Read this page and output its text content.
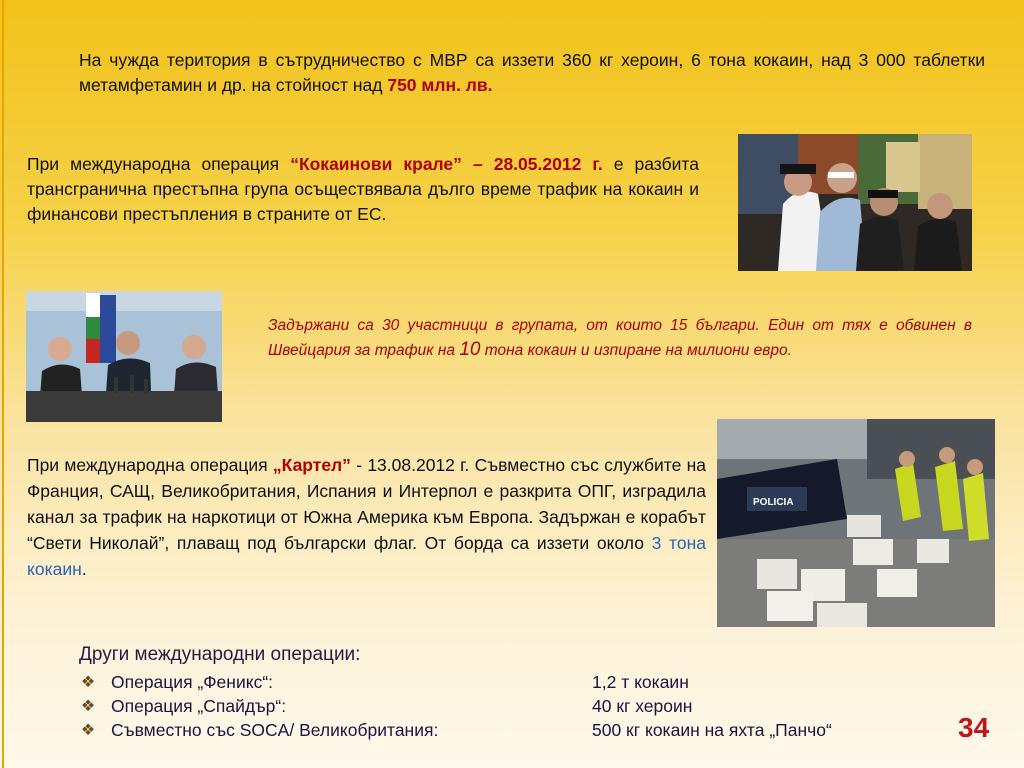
На чужда територия в сътрудничество с МВР са иззети 360 кг хероин, 6 тона кокаин, над 3 000 таблетки метамфетамин и др. на стойност над 750 млн. лв.
При международна операция “Кокаинови крале” – 28.05.2012 г. е разбита трансгранична престъпна група осъществявала дълго време трафик на кокаин и финансови престъпления в страните от ЕС.
Задържани са 30 участници в групата, от които 15 българи. Един от тях е обвинен в Швейцария за трафик на 10 тона кокаин и изпиране на милиони евро.
При международна операция „Картел” - 13.08.2012 г. Съвместно със службите на Франция, САЩ, Великобритания, Испания и Интерпол е разкрита ОПГ, изградила канал за трафик на наркотици от Южна Америка към Европа. Задържан е корабът “Свети Николай”, плаващ под български флаг. От борда са иззети около 3 тона кокаин.
POLICIA
Други международни операции:
❖ Операция „Феникс“:	1,2 т кокаин
❖ Операция „Спайдър“:	40 кг хероин
❖ Съвместно със SOCA/ Великобритания:	500 кг кокаин на яхта „Панчо“	34
